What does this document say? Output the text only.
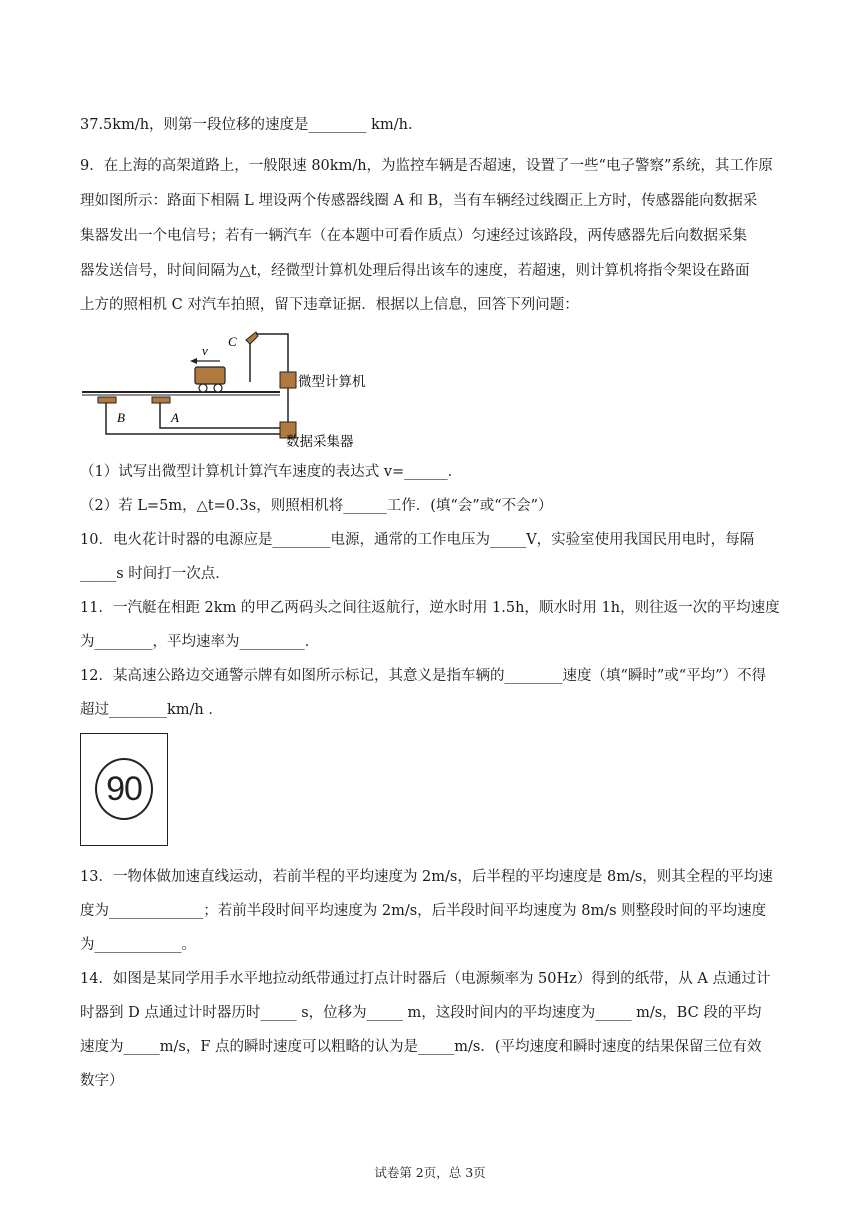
37.5km/h，则第一段位移的速度是________ km/h.
9．在上海的高架道路上，一般限速 80km/h，为监控车辆是否超速，设置了一些“电子警察”系统，其工作原
理如图所示：路面下相隔 L 埋设两个传感器线圈 A 和 B，当有车辆经过线圈正上方时，传感器能向数据采
集器发出一个电信号；若有一辆汽车（在本题中可看作质点）匀速经过该路段，两传感器先后向数据采集
器发送信号，时间间隔为△t，经微型计算机处理后得出该车的速度，若超速，则计算机将指令架设在路面
上方的照相机 C 对汽车拍照，留下违章证据．根据以上信息，回答下列问题：
B	A
v
C
微型计算机
数据采集器
（1）试写出微型计算机计算汽车速度的表达式 v=______．
（2）若 L=5m，△t=0.3s，则照相机将______工作．(填“会”或“不会”）
10．电火花计时器的电源应是________电源，通常的工作电压为_____V，实验室使用我国民用电时，每隔
_____s 时间打一次点．
11．一汽艇在相距 2km 的甲乙两码头之间往返航行，逆水时用 1.5h，顺水时用 1h，则往返一次的平均速度
为________，平均速率为_________．
12．某高速公路边交通警示牌有如图所示标记，其意义是指车辆的________速度（填“瞬时”或“平均”）不得
超过________km/h ．
90
13．一物体做加速直线运动，若前半程的平均速度为 2m/s，后半程的平均速度是 8m/s，则其全程的平均速
度为_____________；若前半段时间平均速度为 2m/s，后半段时间平均速度为 8m/s 则整段时间的平均速度
为____________。
14．如图是某同学用手水平地拉动纸带通过打点计时器后（电源频率为 50Hz）得到的纸带，从 A 点通过计
时器到 D 点通过计时器历时_____ s，位移为_____ m，这段时间内的平均速度为_____ m/s，BC 段的平均
速度为_____m/s，F 点的瞬时速度可以粗略的认为是_____m/s．(平均速度和瞬时速度的结果保留三位有效
数字）
试卷第 2页，总 3页
